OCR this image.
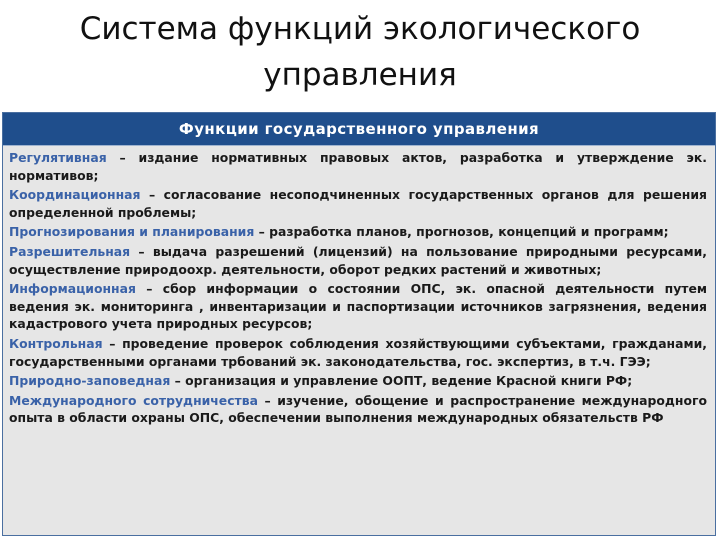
Система функций экологического
управления
Функции государственного управления
Регулятивная – издание нормативных правовых актов, разработка и утверждение эк. нормативов;
Координационная – согласование несоподчиненных государственных органов для решения определенной проблемы;
Прогнозирования и планирования – разработка планов, прогнозов, концепций и программ;
Разрешительная – выдача разрешений (лицензий) на пользование природными ресурсами, осуществление природоохр. деятельности, оборот редких растений и животных;
Информационная – сбор информации о состоянии ОПС, эк. опасной деятельности путем ведения эк. мониторинга , инвентаризации и паспортизации источников загрязнения, ведения кадастрового учета природных ресурсов;
Контрольная – проведение проверок соблюдения хозяйствующими субъектами, гражданами, государственными органами трбований эк. законодательства, гос. экспертиз, в т.ч. ГЭЭ;
Природно-заповедная – организация и управление ООПТ, ведение Красной книги РФ;
Международного сотрудничества – изучение, обощение и распространение международного опыта в области охраны ОПС, обеспечении выполнения международных обязательств РФ
